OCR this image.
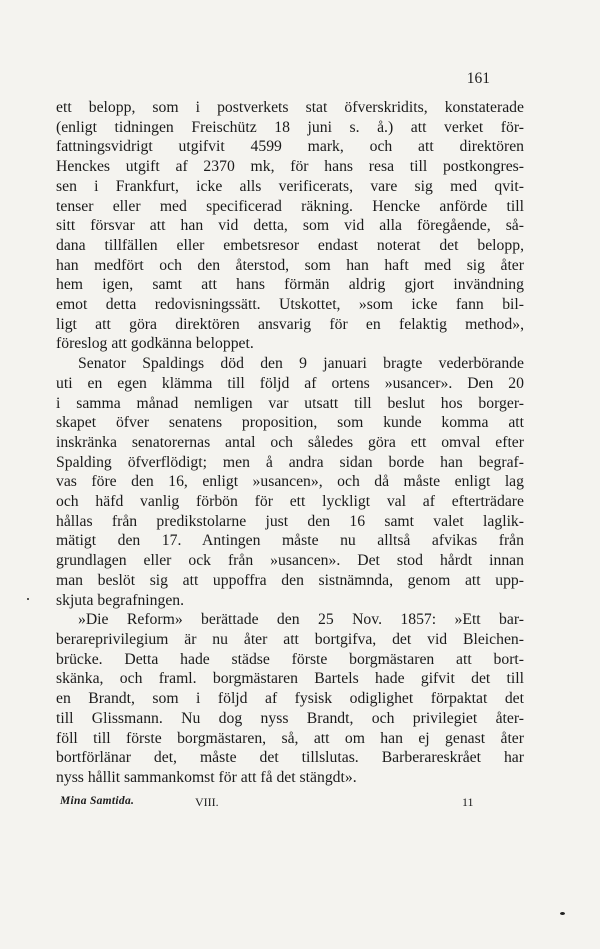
161
ett belopp, som i postverkets stat öfverskridits, konstaterade
(enligt tidningen Freischütz 18 juni s. å.) att verket för-
fattningsvidrigt utgifvit 4599 mark, och att direktören
Henckes utgift af 2370 mk, för hans resa till postkongres-
sen i Frankfurt, icke alls verificerats, vare sig med qvit-
tenser eller med specificerad räkning. Hencke anförde till
sitt försvar att han vid detta, som vid alla föregående, så-
dana tillfällen eller embetsresor endast noterat det belopp,
han medfört och den återstod, som han haft med sig åter
hem igen, samt att hans förmän aldrig gjort invändning
emot detta redovisningssätt. Utskottet, »som icke fann bil-
ligt att göra direktören ansvarig för en felaktig method»,
föreslog att godkänna beloppet.
Senator Spaldings död den 9 januari bragte vederbörande
uti en egen klämma till följd af ortens »usancer». Den 20
i samma månad nemligen var utsatt till beslut hos borger-
skapet öfver senatens proposition, som kunde komma att
inskränka senatorernas antal och således göra ett omval efter
Spalding öfverflödigt; men å andra sidan borde han begraf-
vas före den 16, enligt »usancen», och då måste enligt lag
och häfd vanlig förbön för ett lyckligt val af efterträdare
hållas från predikstolarne just den 16 samt valet laglik-
mätigt den 17. Antingen måste nu alltså afvikas från
grundlagen eller ock från »usancen». Det stod hårdt innan
man beslöt sig att uppoffra den sistnämnda, genom att upp-
skjuta begrafningen.
»Die Reform» berättade den 25 Nov. 1857: »Ett bar-
berareprivilegium är nu åter att bortgifva, det vid Bleichen-
brücke. Detta hade städse förste borgmästaren att bort-
skänka, och framl. borgmästaren Bartels hade gifvit det till
en Brandt, som i följd af fysisk odiglighet förpaktat det
till Glissmann. Nu dog nyss Brandt, och privilegiet åter-
föll till förste borgmästaren, så, att om han ej genast åter
bortförlänar det, måste det tillslutas. Barberareskrået har
nyss hållit sammankomst för att få det stängdt».
Mina Samtida.	VIII.	11
